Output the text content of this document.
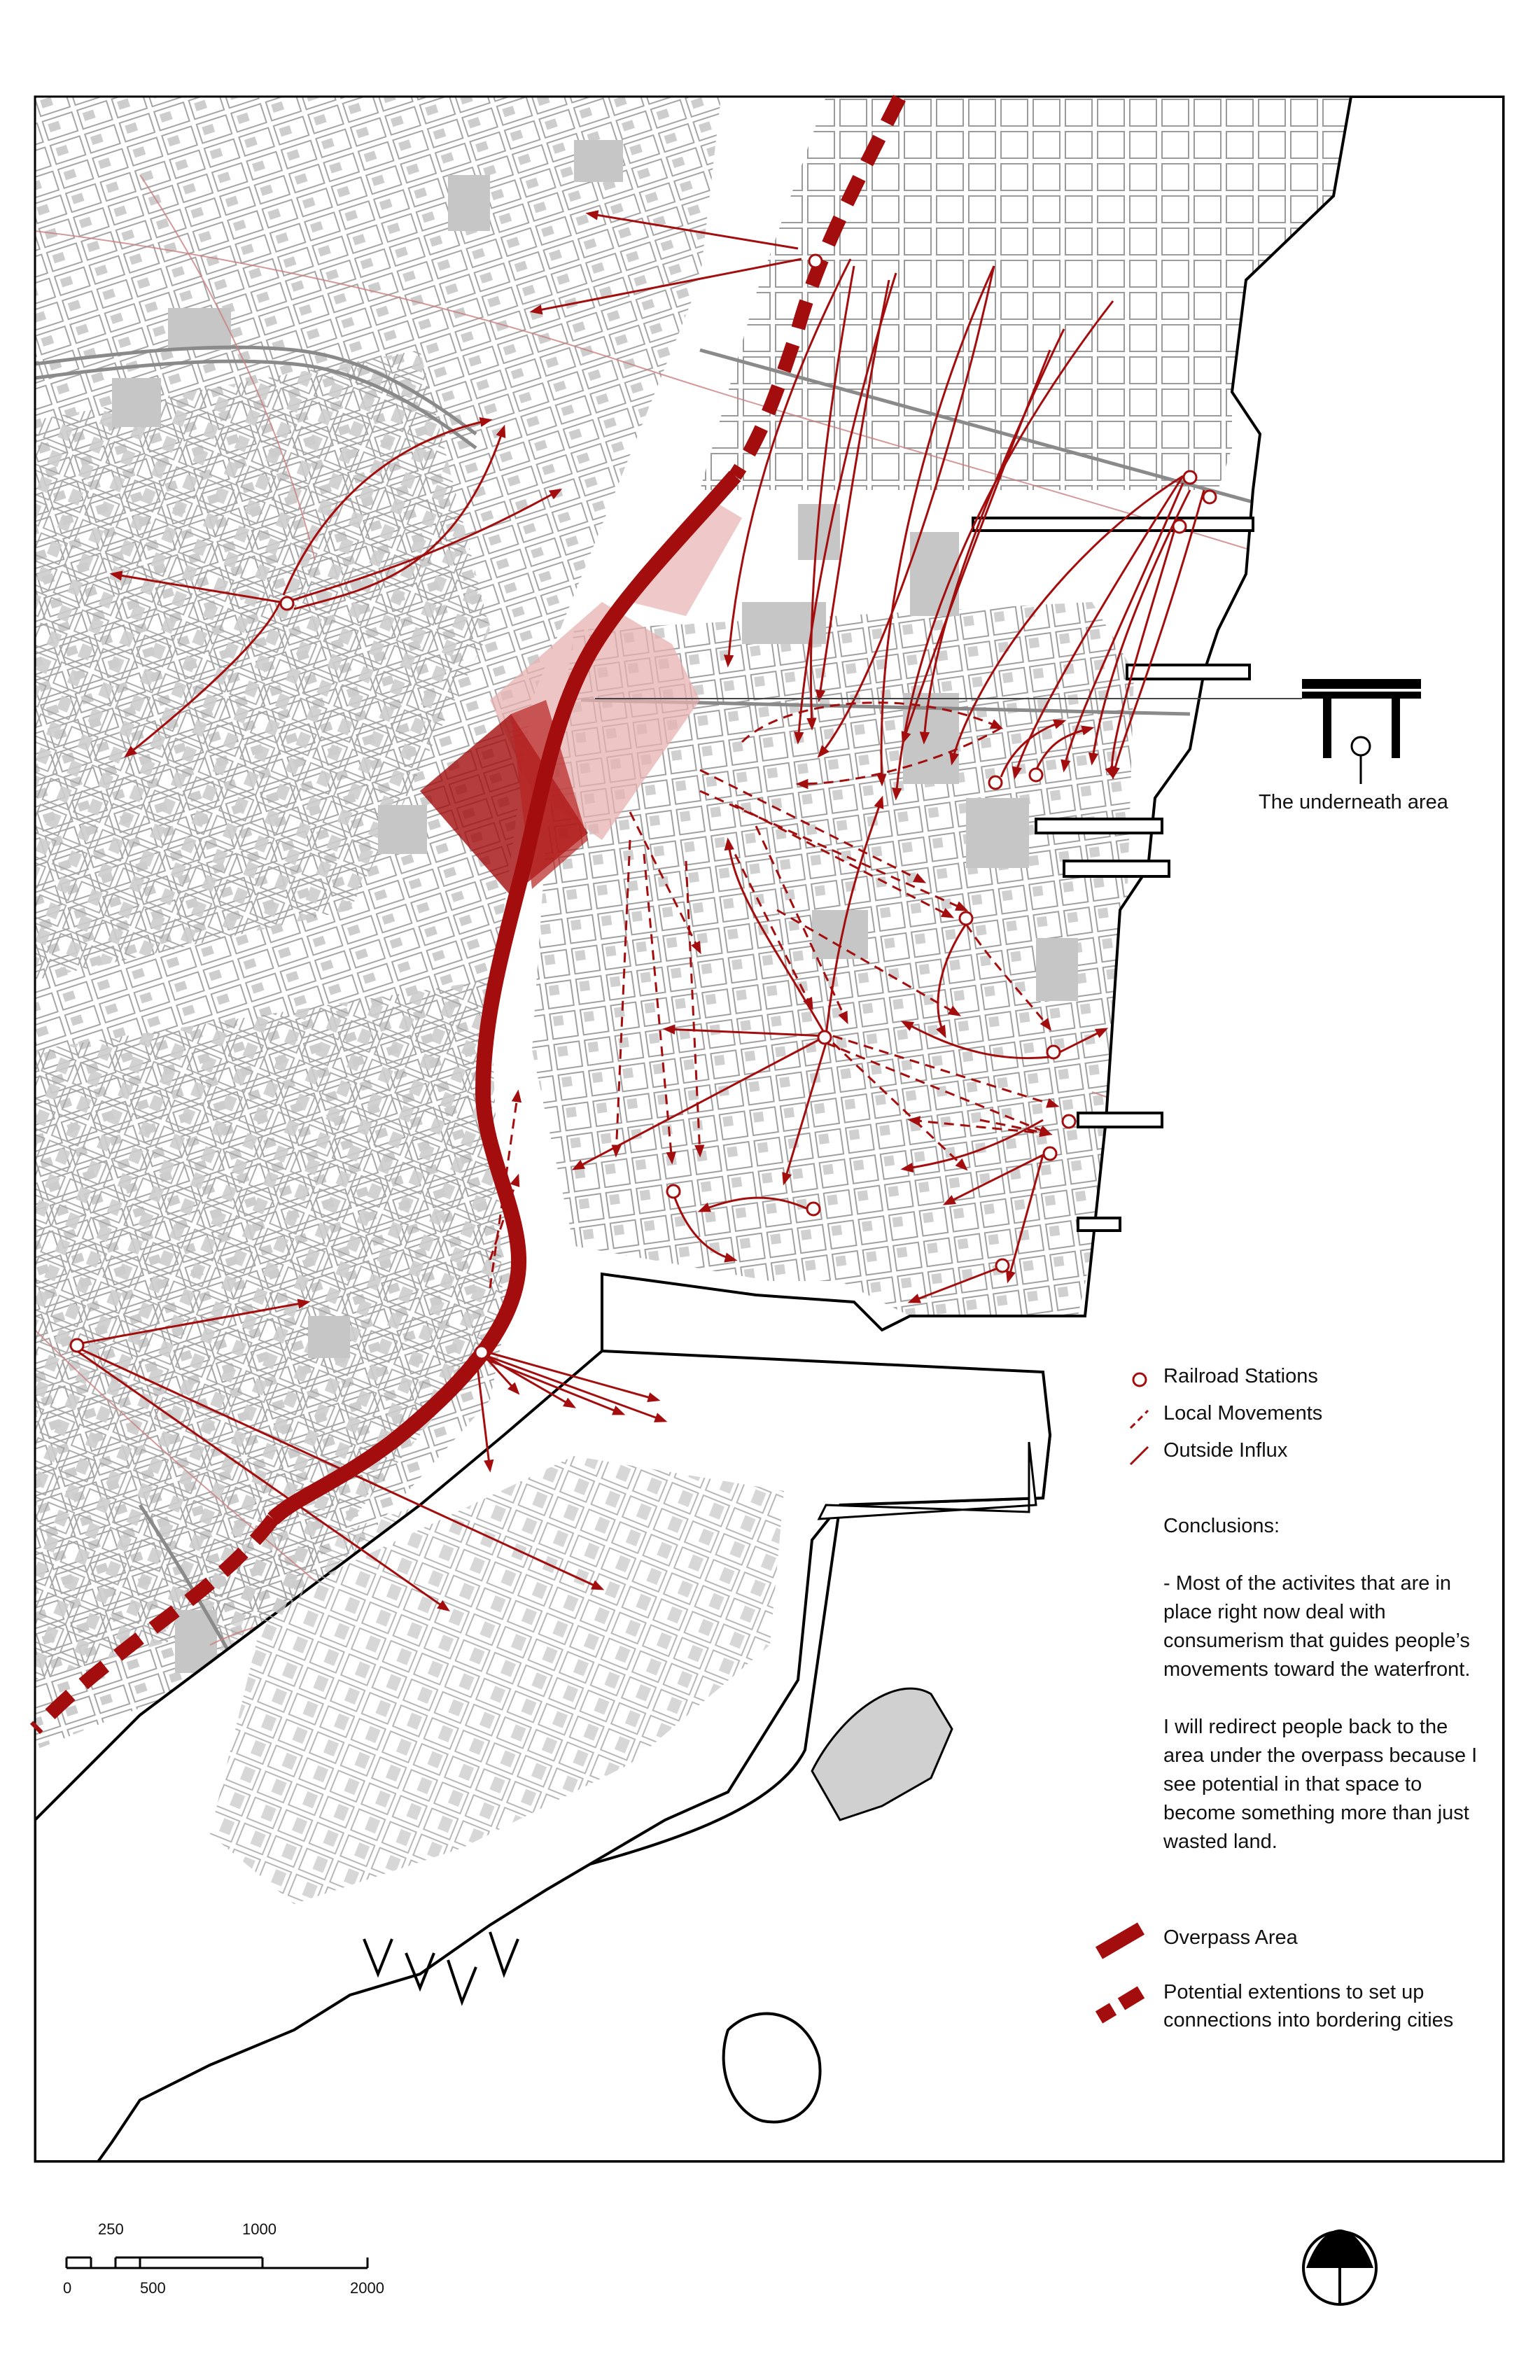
The underneath area
Railroad Stations
Local Movements
Outside Influx

Conclusions:

- Most of the activites that are in place right now deal with consumerism that guides people’s movements toward the waterfront.

I will redirect people back to the area under the overpass because I see potential in that space to become something more than just wasted land.

Overpass Area
Potential extentions to set up
connections into bordering cities
250	1000
0	500	2000
